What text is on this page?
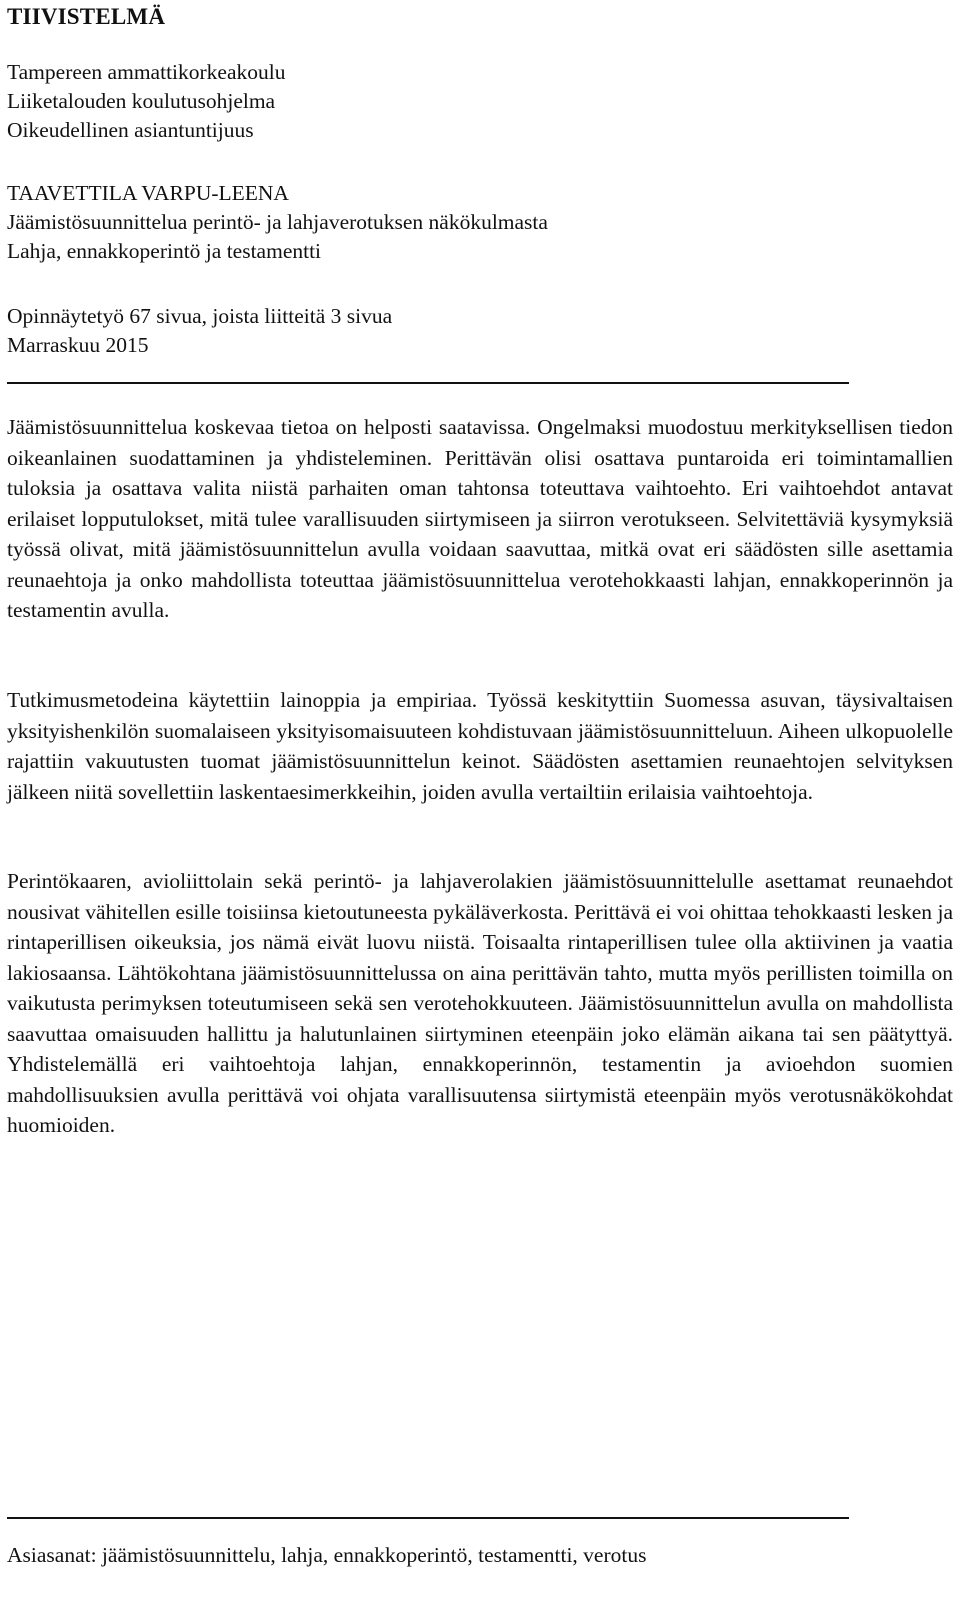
TIIVISTELMÄ
Tampereen ammattikorkeakoulu
Liiketalouden koulutusohjelma
Oikeudellinen asiantuntijuus
TAAVETTILA VARPU-LEENA
Jäämistösuunnittelua perintö- ja lahjaverotuksen näkökulmasta
Lahja, ennakkoperintö ja testamentti
Opinnäytetyö 67 sivua, joista liitteitä 3 sivua
Marraskuu 2015

Jäämistösuunnittelua koskevaa tietoa on helposti saatavissa. Ongelmaksi muodostuu merkityksellisen tiedon oikeanlainen suodattaminen ja yhdisteleminen. Perittävän olisi osattava puntaroida eri toimintamallien tuloksia ja osattava valita niistä parhaiten oman tahtonsa toteuttava vaihtoehto. Eri vaihtoehdot antavat erilaiset lopputulokset, mitä tulee varallisuuden siirtymiseen ja siirron verotukseen. Selvitettäviä kysymyksiä työssä olivat, mitä jäämistösuunnittelun avulla voidaan saavuttaa, mitkä ovat eri säädösten sille asettamia reunaehtoja ja onko mahdollista toteuttaa jäämistösuunnittelua verotehokkaasti lahjan, ennakkoperinnön ja testamentin avulla.

Tutkimusmetodeina käytettiin lainoppia ja empiriaa. Työssä keskityttiin Suomessa asuvan, täysivaltaisen yksityishenkilön suomalaiseen yksityisomaisuuteen kohdistuvaan jäämistösuunnitteluun. Aiheen ulkopuolelle rajattiin vakuutusten tuomat jäämistösuunnittelun keinot. Säädösten asettamien reunaehtojen selvityksen jälkeen niitä sovellettiin laskentaesimerkkeihin, joiden avulla vertailtiin erilaisia vaihtoehtoja.

Perintökaaren, avioliittolain sekä perintö- ja lahjaverolakien jäämistösuunnittelulle asettamat reunaehdot nousivat vähitellen esille toisiinsa kietoutuneesta pykäläverkosta. Perittävä ei voi ohittaa tehokkaasti lesken ja rintaperillisen oikeuksia, jos nämä eivät luovu niistä. Toisaalta rintaperillisen tulee olla aktiivinen ja vaatia lakiosaansa. Lähtökohtana jäämistösuunnittelussa on aina perittävän tahto, mutta myös perillisten toimilla on vaikutusta perimyksen toteutumiseen sekä sen verotehokkuuteen. Jäämistösuunnittelun avulla on mahdollista saavuttaa omaisuuden hallittu ja halutunlainen siirtyminen eteenpäin joko elämän aikana tai sen päätyttyä. Yhdistelemällä eri vaihtoehtoja lahjan, ennakkoperinnön, testamentin ja avioehdon suomien mahdollisuuksien avulla perittävä voi ohjata varallisuutensa siirtymistä eteenpäin myös verotusnäkökohdat huomioiden.

Asiasanat: jäämistösuunnittelu, lahja, ennakkoperintö, testamentti, verotus
